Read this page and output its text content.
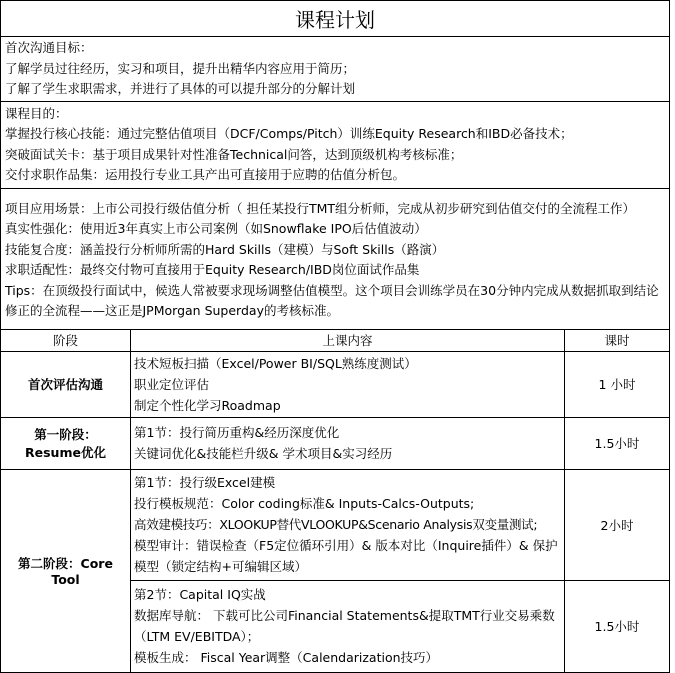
课程计划		

首次沟通目标：

了解学员过往经历，实习和项目，提升出精华内容应用于简历；

了解了学生求职需求，并进行了具体的可以提升部分的分解计划		

课程目的：

掌握投行核心技能：通过完整估值项目（DCF/Comps/Pitch）训练Equity Research和IBD必备技术；

突破面试关卡：基于项目成果针对性准备Technical问答，达到顶级机构考核标准；

交付求职作品集：运用投行专业工具产出可直接用于应聘的估值分析包。		

项目应用场景：上市公司投行级估值分析（ 担任某投行TMT组分析师，完成从初步研究到估值交付的全流程工作）

真实性强化：使用近3年真实上市公司案例（如Snowflake IPO后估值波动）

技能复合度：涵盖投行分析师所需的Hard Skills（建模）与Soft Skills（路演）

求职适配性：最终交付物可直接用于Equity Research/IBD岗位面试作品集

Tips：在顶级投行面试中，候选人常被要求现场调整估值模型。这个项目会训练学员在30分钟内完成从数据抓取到结论修正的全流程——这正是JPMorgan Superday的考核标准。		

阶段	上课内容	课时
首次评估沟通	技术短板扫描（Excel/Power BI/SQL熟练度测试）

职业定位评估

制定个性化学习Roadmap	1 小时
第一阶段：Resume优化	第1节：投行简历重构&经历深度优化

关键词优化&技能栏升级& 学术项目&实习经历	1.5小时
第二阶段：Core Tool	第1节：投行级Excel建模

投行模板规范：Color coding标准& Inputs-Calcs-Outputs;

高效建模技巧：XLOOKUP替代VLOOKUP&Scenario Analysis双变量测试;

模型审计：错误检查（F5定位循环引用）& 版本对比（Inquire插件）& 保护模型（锁定结构+可编辑区域）	2小时

	第2节：Capital IQ实战

数据库导航： 下载可比公司Financial Statements&提取TMT行业交易乘数（LTM EV/EBITDA）；

模板生成： Fiscal Year调整（Calendarization技巧）	1.5小时
